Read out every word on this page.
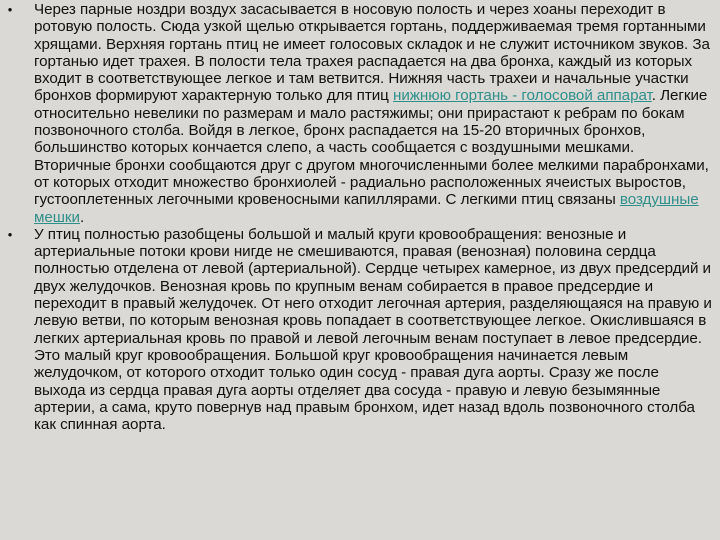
• Через парные ноздри воздух засасывается в носовую полость и через хоаны переходит в ротовую полость. Сюда узкой щелью открывается гортань, поддерживаемая тремя гортанными хрящами. Верхняя гортань птиц не имеет голосовых складок и не служит источником звуков. За гортанью идет трахея. В полости тела трахея распадается на два бронха, каждый из которых входит в соответствующее легкое и там ветвится. Нижняя часть трахеи и начальные участки бронхов формируют характерную только для птиц нижнюю гортань - голосовой аппарат. Легкие относительно невелики по размерам и мало растяжимы; они прирастают к ребрам по бокам позвоночного столба. Войдя в легкое, бронх распадается на 15-20 вторичных бронхов, большинство которых кончается слепо, а часть сообщается с воздушными мешками. Вторичные бронхи сообщаются друг с другом многочисленными более мелкими парабронхами, от которых отходит множество бронхиолей - радиально расположенных ячеистых выростов, густооплетенных легочными кровеносными капиллярами. С легкими птиц связаны воздушные мешки.
• У птиц полностью разобщены большой и малый круги кровообращения: венозные и артериальные потоки крови нигде не смешиваются, правая (венозная) половина сердца полностью отделена от левой (артериальной). Сердце четырех камерное, из двух предсердий и двух желудочков. Венозная кровь по крупным венам собирается в правое предсердие и переходит в правый желудочек. От него отходит легочная артерия, разделяющаяся на правую и левую ветви, по которым венозная кровь попадает в соответствующее легкое. Окислившаяся в легких артериальная кровь по правой и левой легочным венам поступает в левое предсердие. Это малый круг кровообращения. Большой круг кровообращения начинается левым желудочком, от которого отходит только один сосуд - правая дуга аорты. Сразу же после выхода из сердца правая дуга аорты отделяет два сосуда - правую и левую безымянные артерии, а сама, круто повернув над правым бронхом, идет назад вдоль позвоночного столба как спинная аорта.
